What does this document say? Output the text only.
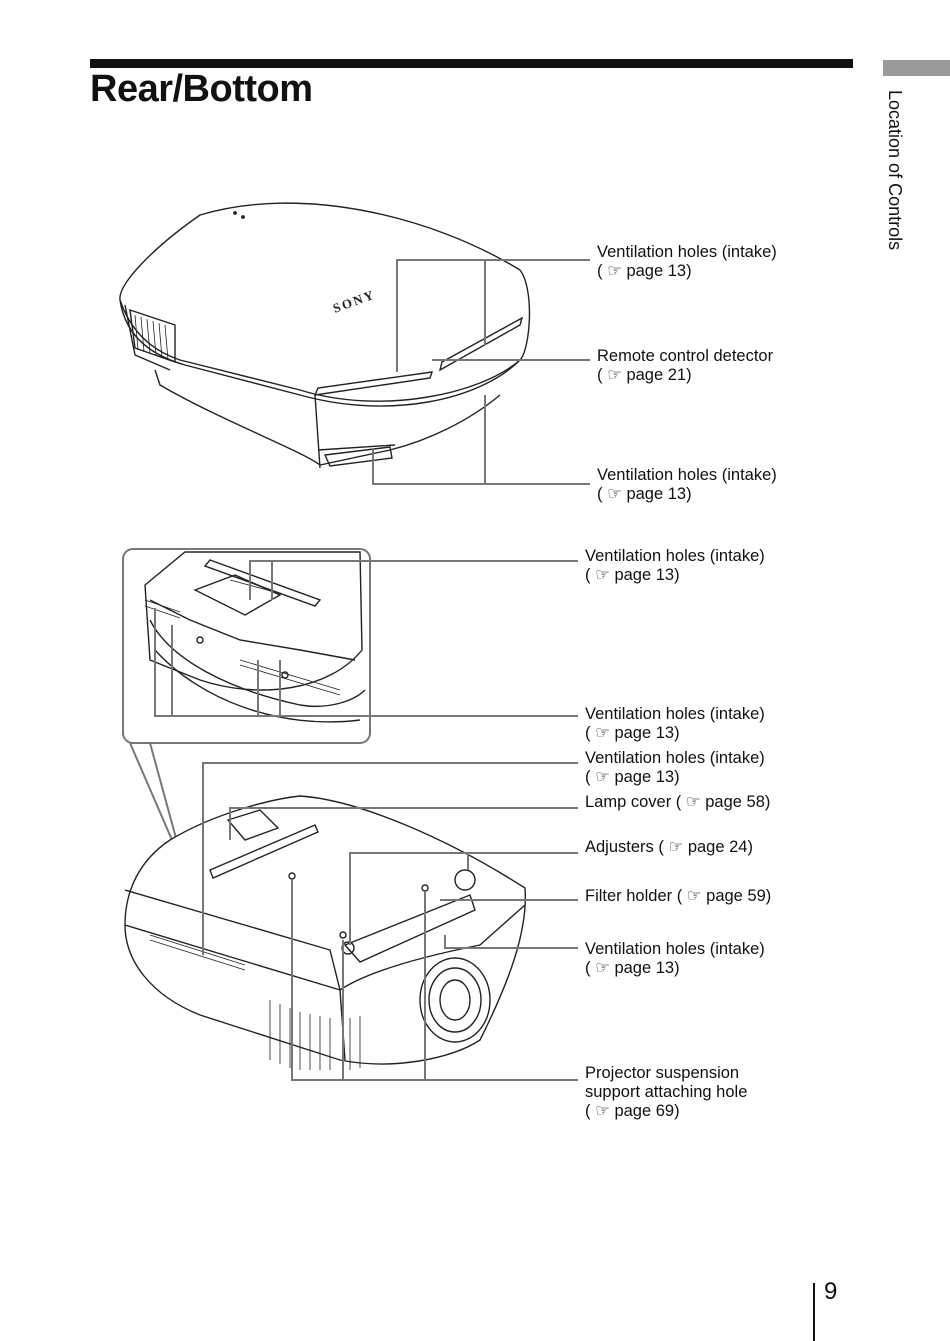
Rear/Bottom
Location of Controls
SONY
Ventilation holes (intake)
( ☞ page 13)
Remote control detector
( ☞ page 21)
Ventilation holes (intake)
( ☞ page 13)
Ventilation holes (intake)
( ☞ page 13)
Ventilation holes (intake)
( ☞ page 13)
Ventilation holes (intake)
( ☞ page 13)
Lamp cover ( ☞ page 58)
Adjusters ( ☞ page 24)
Filter holder ( ☞ page 59)
Ventilation holes (intake)
( ☞ page 13)
Projector suspension
support attaching hole
( ☞ page 69)
9
